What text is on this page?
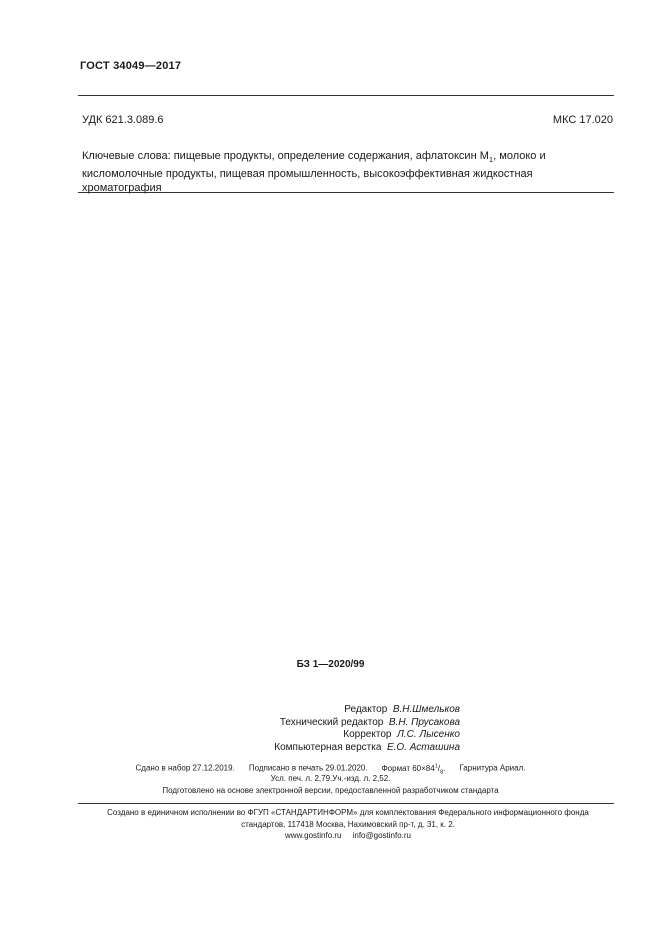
ГОСТ 34049—2017
УДК 621.3.089.6	МКС 17.020
Ключевые слова: пищевые продукты, определение содержания, афлатоксин $M_1$, молоко и кисломолочные продукты, пищевая промышленность, высокоэффективная жидкостная хроматография
БЗ 1—2020/99
Редактор В.Н.Шмельков
Технический редактор В.Н. Прусакова
Корректор Л.С. Лысенко
Компьютерная верстка Е.О. Асташина
Сдано в набор 27.12.2019. Подписано в печать 29.01.2020. Формат $60\times 84^1/_8$. Гарнитура Ариал.
Усл. печ. л. 2,79.Уч.-изд. л. 2,52.
Подготовлено на основе электронной версии, предоставленной разработчиком стандарта
Создано в единичном исполнении во ФГУП «СТАНДАРТИНФОРМ» для комплектования Федерального информационного фонда
стандартов, 117418 Москва, Нахимовский пр-т, д. 31, к. 2.
www.gostinfo.ru info@gostinfo.ru
